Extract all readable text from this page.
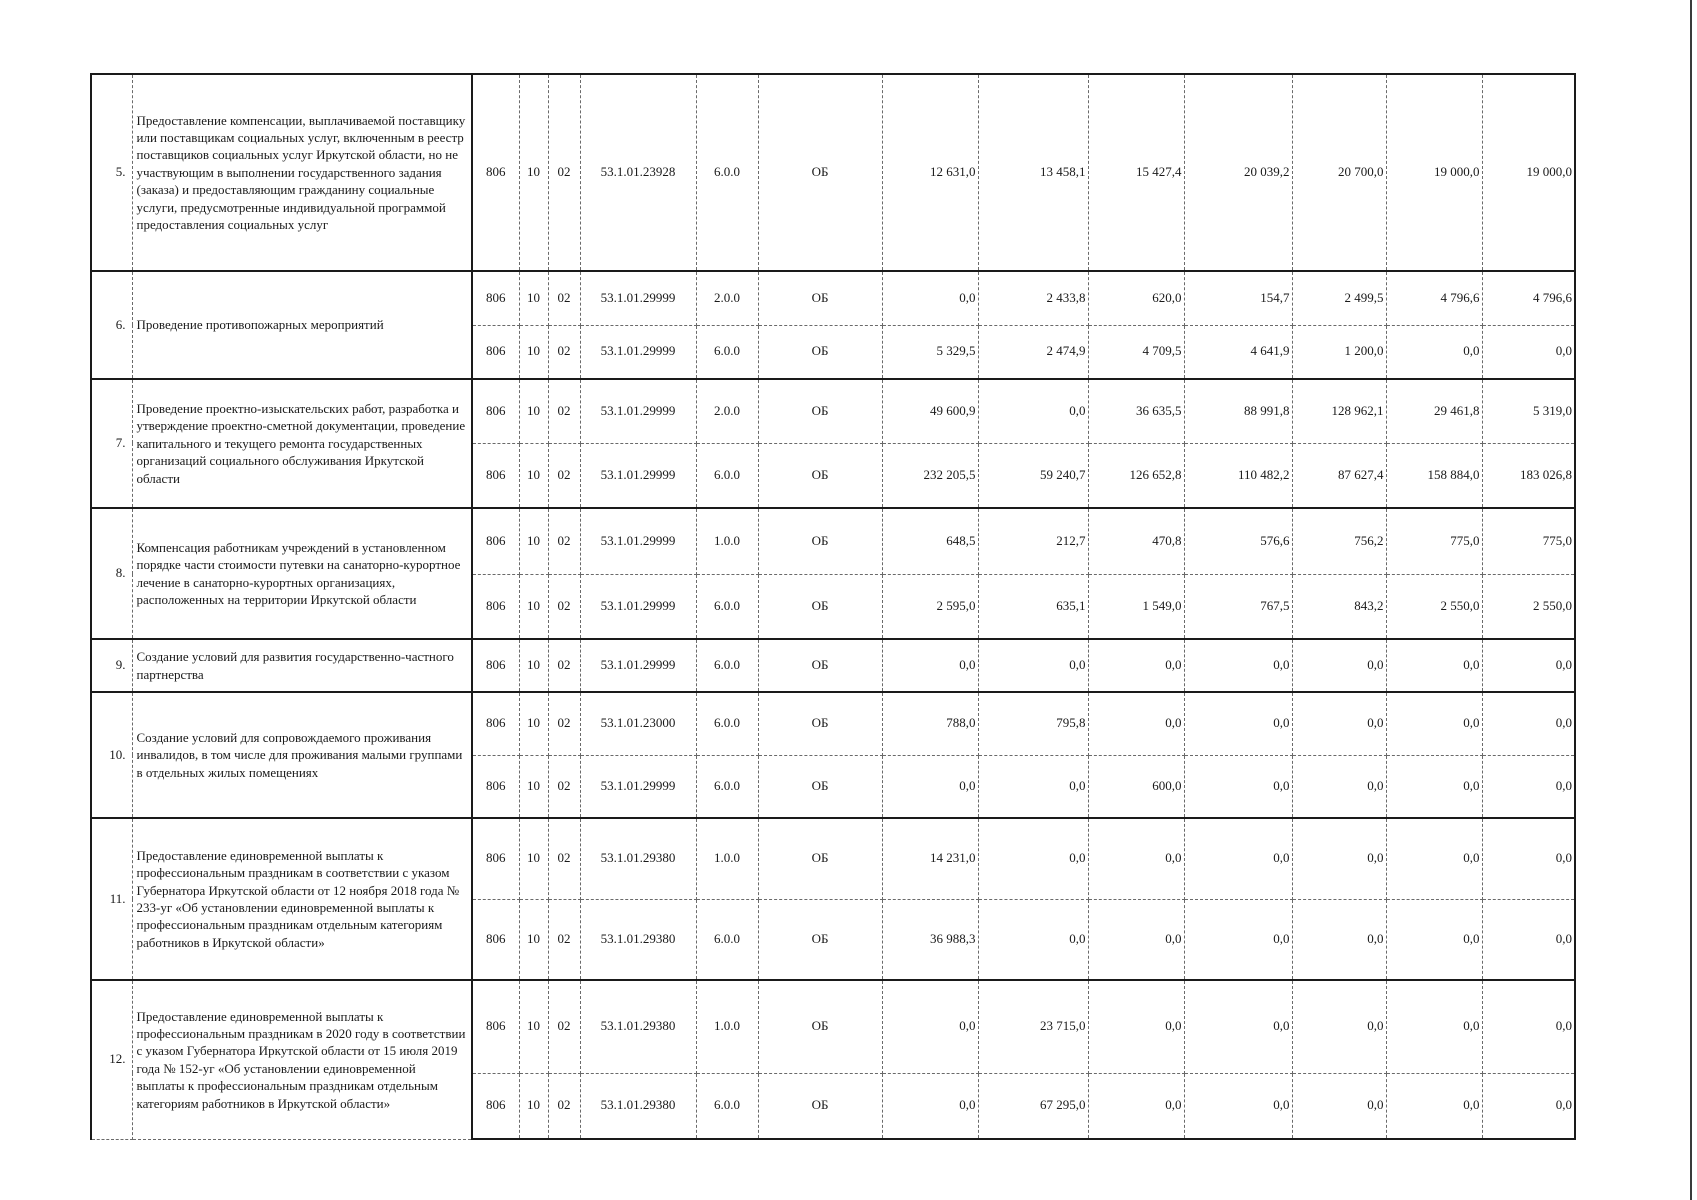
5.	Предоставление компенсации, выплачиваемой поставщику или поставщикам социальных услуг, включенным в реестр поставщиков социальных услуг Иркутской области, но не участвующим в выполнении государственного задания (заказа) и предоставляющим гражданину социальные услуги, предусмотренные индивидуальной программой предоставления социальных услуг	806	10	02	53.1.01.23928	6.0.0	ОБ	12 631,0	13 458,1	15 427,4	20 039,2	20 700,0	19 000,0	19 000,0
6.	Проведение противопожарных мероприятий	806	10	02	53.1.01.29999	2.0.0	ОБ	0,0	2 433,8	620,0	154,7	2 499,5	4 796,6	4 796,6
		806	10	02	53.1.01.29999	6.0.0	ОБ	5 329,5	2 474,9	4 709,5	4 641,9	1 200,0	0,0	0,0
7.	Проведение проектно-изыскательских работ, разработка и утверждение проектно-сметной документации, проведение капитального и текущего ремонта государственных организаций социального обслуживания Иркутской области	806	10	02	53.1.01.29999	2.0.0	ОБ	49 600,9	0,0	36 635,5	88 991,8	128 962,1	29 461,8	5 319,0
		806	10	02	53.1.01.29999	6.0.0	ОБ	232 205,5	59 240,7	126 652,8	110 482,2	87 627,4	158 884,0	183 026,8
8.	Компенсация работникам учреждений в установленном порядке части стоимости путевки на санаторно-курортное лечение в санаторно-курортных организациях, расположенных на территории Иркутской области	806	10	02	53.1.01.29999	1.0.0	ОБ	648,5	212,7	470,8	576,6	756,2	775,0	775,0
		806	10	02	53.1.01.29999	6.0.0	ОБ	2 595,0	635,1	1 549,0	767,5	843,2	2 550,0	2 550,0
9.	Создание условий для развития государственно-частного партнерства	806	10	02	53.1.01.29999	6.0.0	ОБ	0,0	0,0	0,0	0,0	0,0	0,0	0,0
10.	Создание условий для сопровождаемого проживания инвалидов, в том числе для проживания малыми группами в отдельных жилых помещениях	806	10	02	53.1.01.23000	6.0.0	ОБ	788,0	795,8	0,0	0,0	0,0	0,0	0,0
		806	10	02	53.1.01.29999	6.0.0	ОБ	0,0	0,0	600,0	0,0	0,0	0,0	0,0
11.	Предоставление единовременной выплаты к профессиональным праздникам в соответствии с указом Губернатора Иркутской области от 12 ноября 2018 года № 233-уг «Об установлении единовременной выплаты к профессиональным праздникам отдельным категориям работников в Иркутской области»	806	10	02	53.1.01.29380	1.0.0	ОБ	14 231,0	0,0	0,0	0,0	0,0	0,0	0,0
		806	10	02	53.1.01.29380	6.0.0	ОБ	36 988,3	0,0	0,0	0,0	0,0	0,0	0,0
12.	Предоставление единовременной выплаты к профессиональным праздникам в 2020 году в соответствии с указом Губернатора Иркутской области от 15 июля 2019 года № 152-уг «Об установлении единовременной выплаты к профессиональным праздникам отдельным категориям работников в Иркутской области»	806	10	02	53.1.01.29380	1.0.0	ОБ	0,0	23 715,0	0,0	0,0	0,0	0,0	0,0
		806	10	02	53.1.01.29380	6.0.0	ОБ	0,0	67 295,0	0,0	0,0	0,0	0,0	0,0
